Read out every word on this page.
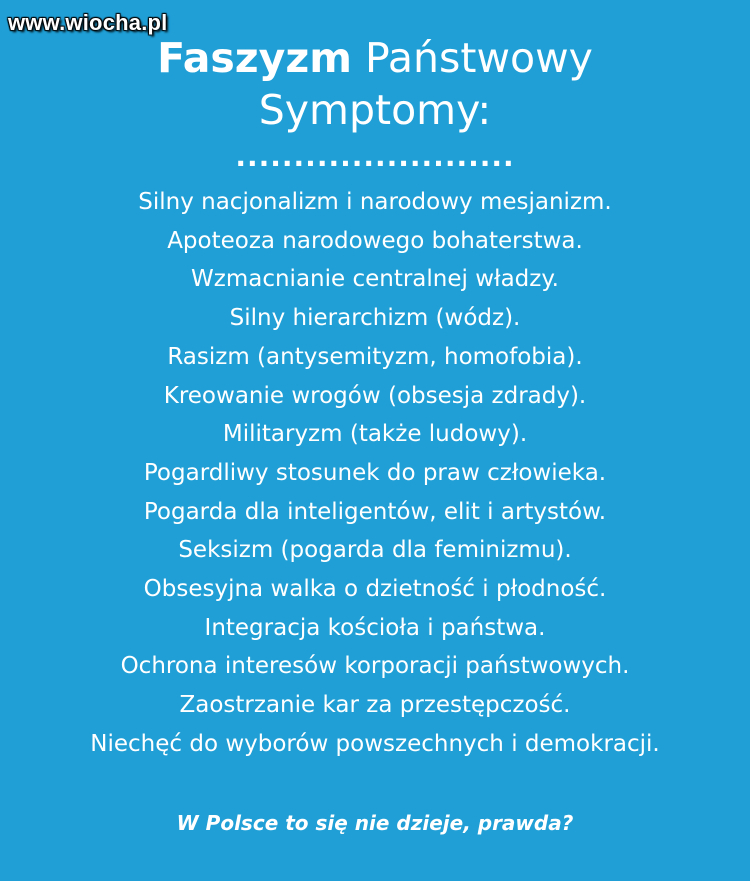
www.wiocha.pl
Faszyzm Państwowy
Symptomy:
........................
Silny nacjonalizm i narodowy mesjanizm.
Apoteoza narodowego bohaterstwa.
Wzmacnianie centralnej władzy.
Silny hierarchizm (wódz).
Rasizm (antysemityzm, homofobia).
Kreowanie wrogów (obsesja zdrady).
Militaryzm (także ludowy).
Pogardliwy stosunek do praw człowieka.
Pogarda dla inteligentów, elit i artystów.
Seksizm (pogarda dla feminizmu).
Obsesyjna walka o dzietność i płodność.
Integracja kościoła i państwa.
Ochrona interesów korporacji państwowych.
Zaostrzanie kar za przestępczość.
Niechęć do wyborów powszechnych i demokracji.
W Polsce to się nie dzieje, prawda?
